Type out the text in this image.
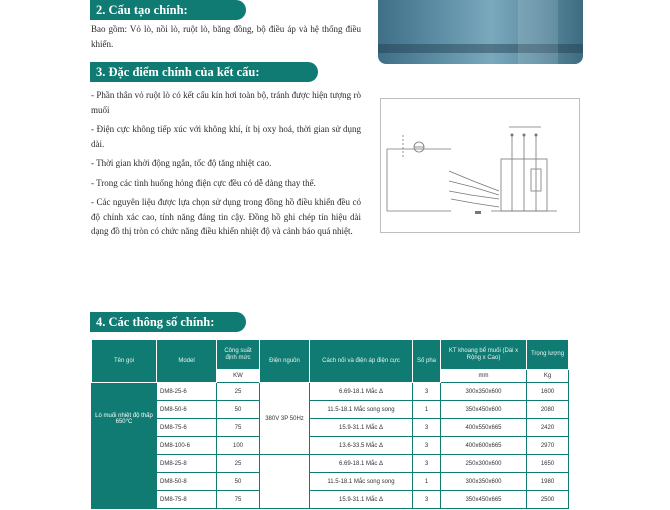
2. Cấu tạo chính:
Bao gồm: Vỏ lò, nồi lò, ruột lò, băng đồng, bộ điều áp và hệ thống điều khiển.
3. Đặc điểm chính của kết cấu:

- Phần thân vỏ ruột lò có kết cấu kín hơi toàn bộ, tránh được hiện tượng rò muối

- Điện cực không tiếp xúc với không khí, ít bị oxy hoá, thời gian sử dụng dài.

- Thời gian khởi động ngắn, tốc độ tăng nhiệt cao.

- Trong các tình huống hỏng điện cực đều có dễ dàng thay thế.

- Các nguyên liệu được lựa chọn sử dụng trong đồng hồ điều khiển đều có độ chính xác cao, tính năng đáng tin cậy. Đồng hồ ghi chép tín hiệu dài dạng đồ thị tròn có chức năng điều khiển nhiệt độ và cảnh báo quá nhiệt.

4. Các thông số chính:
Tên gọi	Model	Công suất định mức	Điện nguồn	Cách nối và điện áp điện cực	Số pha	KT khoang bể muối (Dài x Rộng x Cao)	Trọng lượng
		KW				mm	Kg
Lò muối nhiệt độ thấp 650°C	DM8-25-6	25	380V 3P 50Hz	6.69-18.1 Mắc Δ	3	300x350x600	1600
	DM8-50-6	50		11.5-18.1 Mắc song song	1	350x450x600	2080
	DM8-75-6	75		15.9-31.1 Mắc Δ	3	400x550x665	2420
	DM8-100-6	100		13.6-33.5 Mắc Δ	3	400x600x665	2970
	DM8-25-8	25		6.69-18.1 Mắc Δ	3	250x300x600	1650
	DM8-50-8	50		11.5-18.1 Mắc song song	1	300x350x600	1980
	DM8-75-8	75		15.9-31.1 Mắc Δ	3	350x450x665	2500
